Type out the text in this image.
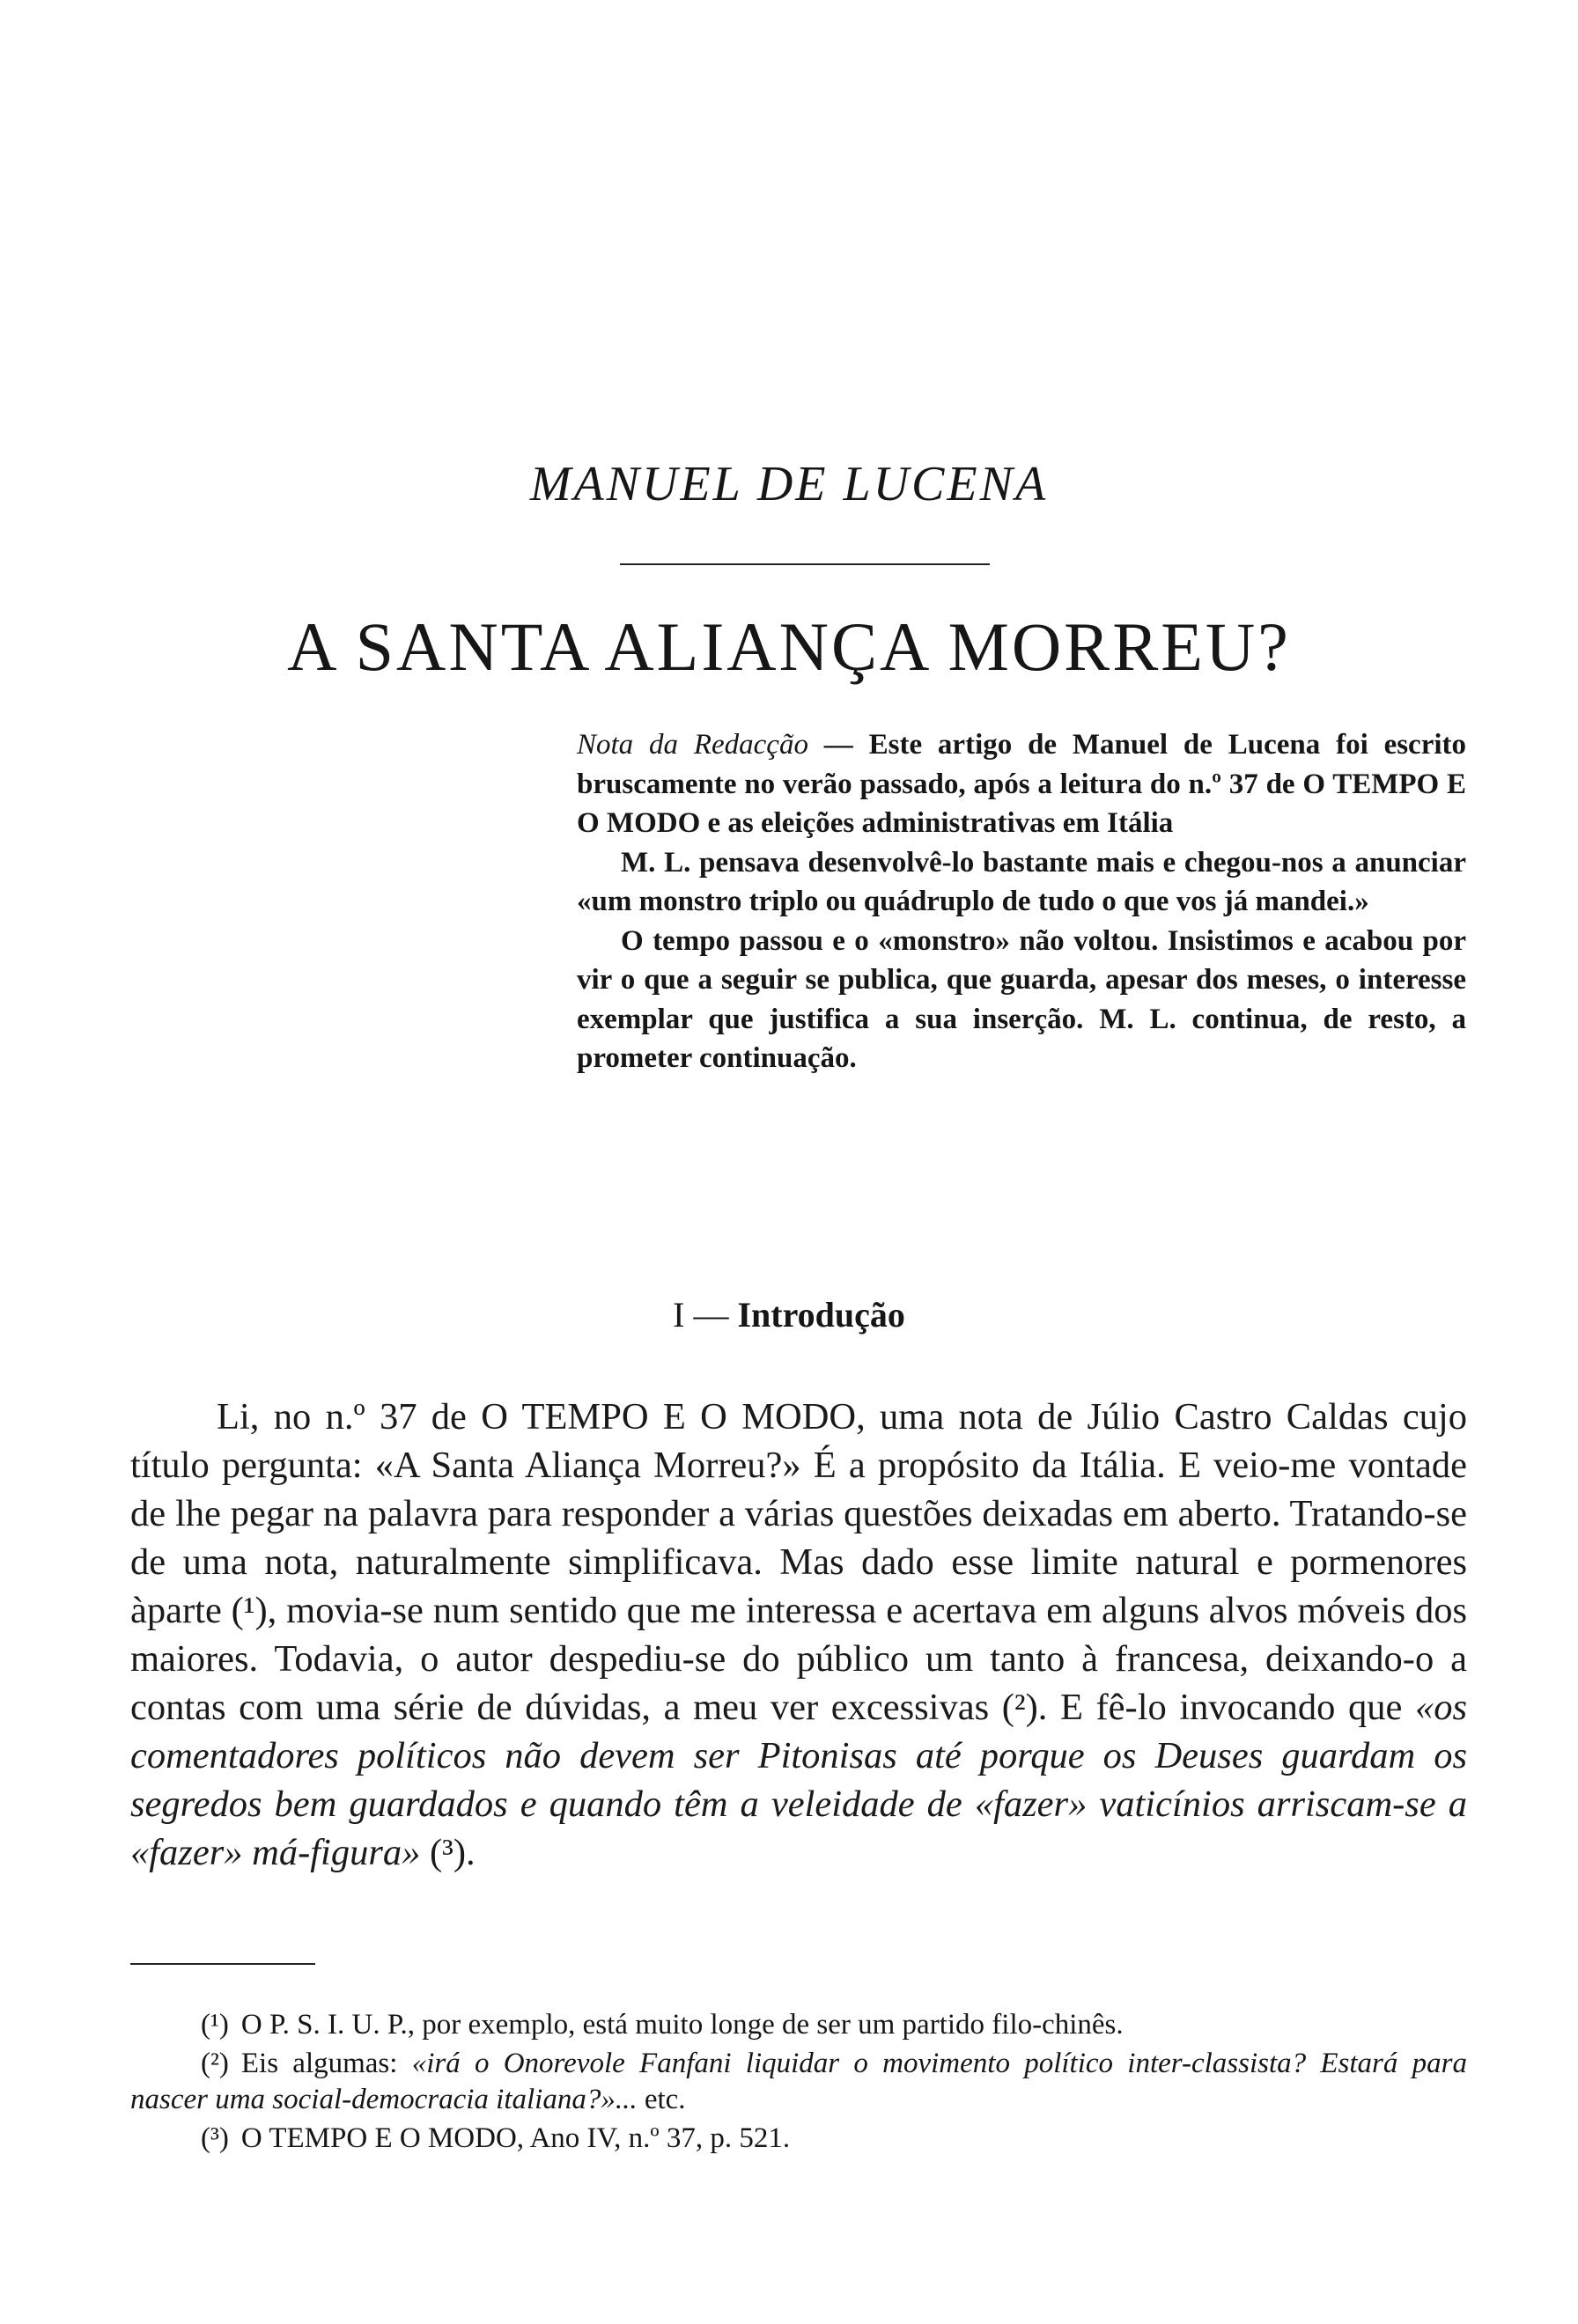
MANUEL DE LUCENA
A SANTA ALIANÇA MORREU?

Nota da Redacção — Este artigo de Manuel de Lucena foi escrito bruscamente no verão passado, após a leitura do n.º 37 de O TEMPO E O MODO e as eleições administrativas em Itália

M. L. pensava desenvolvê-lo bastante mais e chegou-nos a anunciar «um monstro triplo ou quádruplo de tudo o que vos já mandei.»

O tempo passou e o «monstro» não voltou. Insistimos e acabou por vir o que a seguir se publica, que guarda, apesar dos meses, o interesse exemplar que justifica a sua inserção. M. L. continua, de resto, a prometer continuação.

I — Introdução

Li, no n.º 37 de O TEMPO E O MODO, uma nota de Júlio Castro Caldas cujo título pergunta: «A Santa Aliança Morreu?» É a propósito da Itália. E veio-me vontade de lhe pegar na palavra para responder a várias questões deixadas em aberto. Tratando-se de uma nota, naturalmente simplificava. Mas dado esse limite natural e pormenores àparte (¹), movia-se num sentido que me interessa e acertava em alguns alvos móveis dos maiores. Todavia, o autor despediu-se do público um tanto à francesa, deixando-o a contas com uma série de dúvidas, a meu ver excessivas (²). E fê-lo invocando que «os comentadores políticos não devem ser Pitonisas até porque os Deuses guardam os segredos bem guardados e quando têm a veleidade de «fazer» vaticínios arriscam-se a «fazer» má-figura» (³).

(¹) O P. S. I. U. P., por exemplo, está muito longe de ser um partido filo-chinês.

(²) Eis algumas: «irá o Onorevole Fanfani liquidar o movimento político inter-classista? Estará para nascer uma social-democracia italiana?»... etc.

(³) O TEMPO E O MODO, Ano IV, n.º 37, p. 521.
